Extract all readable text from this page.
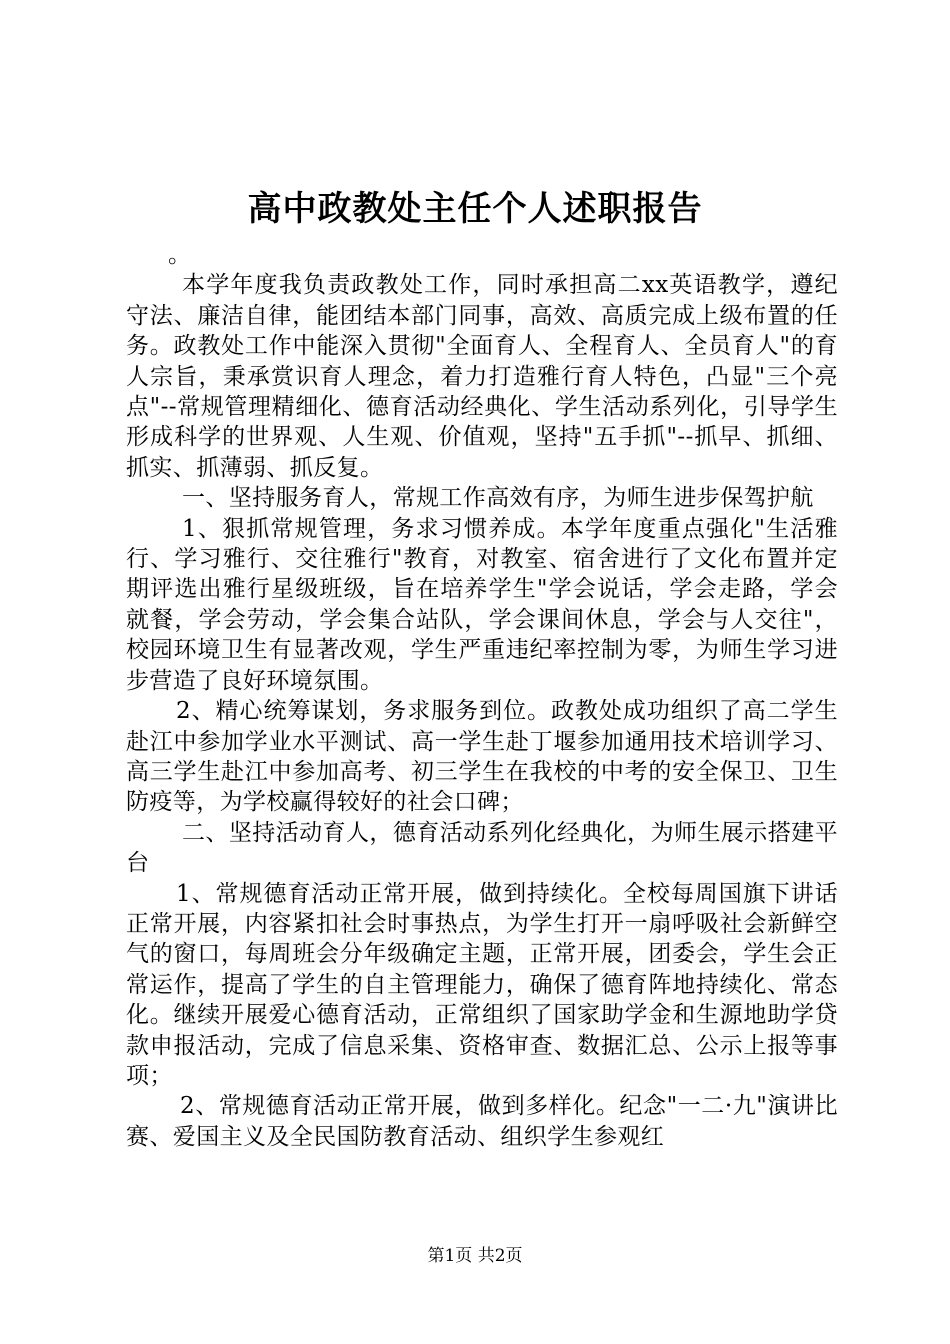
高中政教处主任个人述职报告

。

本学年度我负责政教处工作，同时承担高二xx英语教学，遵纪守法、廉洁自律，能团结本部门同事，高效、高质完成上级布置的任务。政教处工作中能深入贯彻"全面育人、全程育人、全员育人"的育人宗旨，秉承赏识育人理念，着力打造雅行育人特色，凸显"三个亮点"--常规管理精细化、德育活动经典化、学生活动系列化，引导学生形成科学的世界观、人生观、价值观，坚持"五手抓"--抓早、抓细、抓实、抓薄弱、抓反复。

一、坚持服务育人，常规工作高效有序，为师生进步保驾护航

1、狠抓常规管理，务求习惯养成。本学年度重点强化"生活雅行、学习雅行、交往雅行"教育，对教室、宿舍进行了文化布置并定期评选出雅行星级班级，旨在培养学生"学会说话，学会走路，学会就餐，学会劳动，学会集合站队，学会课间休息，学会与人交往"，校园环境卫生有显著改观，学生严重违纪率控制为零，为师生学习进步营造了良好环境氛围。

2、精心统筹谋划，务求服务到位。政教处成功组织了高二学生赴江中参加学业水平测试、高一学生赴丁堰参加通用技术培训学习、高三学生赴江中参加高考、初三学生在我校的中考的安全保卫、卫生防疫等，为学校赢得较好的社会口碑；

二、坚持活动育人，德育活动系列化经典化，为师生展示搭建平台

1、常规德育活动正常开展，做到持续化。全校每周国旗下讲话正常开展，内容紧扣社会时事热点，为学生打开一扇呼吸社会新鲜空气的窗口，每周班会分年级确定主题，正常开展，团委会，学生会正常运作，提高了学生的自主管理能力，确保了德育阵地持续化、常态化。继续开展爱心德育活动，正常组织了国家助学金和生源地助学贷款申报活动，完成了信息采集、资格审查、数据汇总、公示上报等事项；

2、常规德育活动正常开展，做到多样化。纪念"一二·九"演讲比赛、爱国主义及全民国防教育活动、组织学生参观红

第1页 共2页
